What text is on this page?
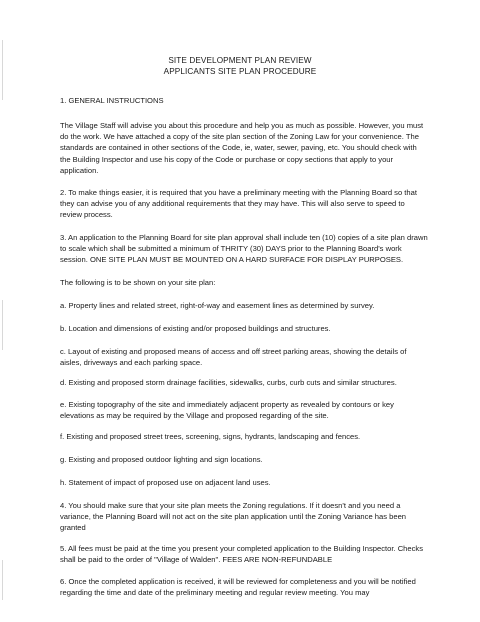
SITE DEVELOPMENT PLAN REVIEW
APPLICANTS SITE PLAN PROCEDURE

1. GENERAL INSTRUCTIONS

The Village Staff will advise you about this procedure and help you as much as possible. However, you must do the work. We have attached a copy of the site plan section of the Zoning Law for your convenience. The standards are contained in other sections of the Code, ie, water, sewer, paving, etc. You should check with the Building Inspector and use his copy of the Code or purchase or copy sections that apply to your application.

2. To make things easier, it is required that you have a preliminary meeting with the Planning Board so that they can advise you of any additional requirements that they may have. This will also serve to speed to review process.

3. An application to the Planning Board for site plan approval shall include ten (10) copies of a site plan drawn to scale which shall be submitted a minimum of THRITY (30) DAYS prior to the Planning Board's work session. ONE SITE PLAN MUST BE MOUNTED ON A HARD SURFACE FOR DISPLAY PURPOSES.

The following is to be shown on your site plan:

a. Property lines and related street, right-of-way and easement lines as determined by survey.

b. Location and dimensions of existing and/or proposed buildings and structures.

c. Layout of existing and proposed means of access and off street parking areas, showing the details of aisles, driveways and each parking space.

d. Existing and proposed storm drainage facilities, sidewalks, curbs, curb cuts and similar structures.

e. Existing topography of the site and immediately adjacent property as revealed by contours or key elevations as may be required by the Village and proposed regarding of the site.

f. Existing and proposed street trees, screening, signs, hydrants, landscaping and fences.

g. Existing and proposed outdoor lighting and sign locations.

h. Statement of impact of proposed use on adjacent land uses.

4. You should make sure that your site plan meets the Zoning regulations. If it doesn't and you need a variance, the Planning Board will not act on the site plan application until the Zoning Variance has been granted

5. All fees must be paid at the time you present your completed application to the Building Inspector. Checks shall be paid to the order of "Village of Walden". FEES ARE NON-REFUNDABLE

6. Once the completed application is received, it will be reviewed for completeness and you will be notified regarding the time and date of the preliminary meeting and regular review meeting. You may
